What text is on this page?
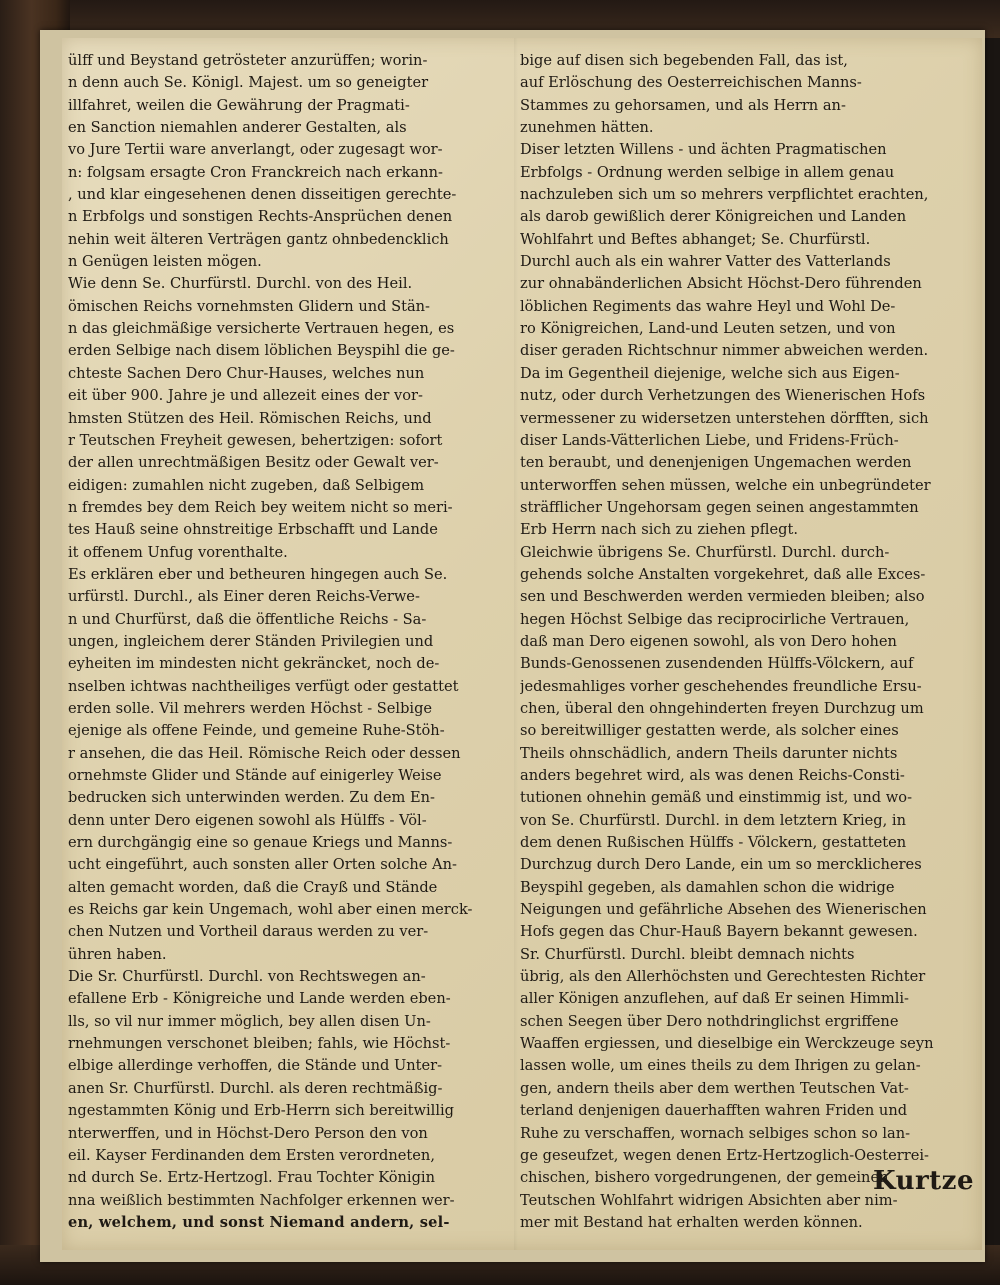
ülff und Beystand getrösteter anzurüffen; worin-
n denn auch Se. Königl. Majest. um so geneigter
illfahret, weilen die Gewährung der Pragmati-
en Sanction niemahlen anderer Gestalten, als
vo Jure Tertii ware anverlangt, oder zugesagt wor-
n: folgsam ersagte Cron Franckreich nach erkann-
, und klar eingesehenen denen disseitigen gerechte-
n Erbfolgs und sonstigen Rechts-Ansprüchen denen
nehin weit älteren Verträgen gantz ohnbedencklich
n Genügen leisten mögen.
Wie denn Se. Churfürstl. Durchl. von des Heil.
ömischen Reichs vornehmsten Glidern und Stän-
n das gleichmäßige versicherte Vertrauen hegen, es
erden Selbige nach disem löblichen Beyspihl die ge-
chteste Sachen Dero Chur-Hauses, welches nun
eit über 900. Jahre je und allezeit eines der vor-
hmsten Stützen des Heil. Römischen Reichs, und
r Teutschen Freyheit gewesen, behertzigen: sofort
der allen unrechtmäßigen Besitz oder Gewalt ver-
eidigen: zumahlen nicht zugeben, daß Selbigem
n fremdes bey dem Reich bey weitem nicht so meri-
tes Hauß seine ohnstreitige Erbschafft und Lande
it offenem Unfug vorenthalte.
Es erklären eber und betheuren hingegen auch Se.
urfürstl. Durchl., als Einer deren Reichs-Verwe-
n und Churfürst, daß die öffentliche Reichs - Sa-
ungen, ingleichem derer Ständen Privilegien und
eyheiten im mindesten nicht gekräncket, noch de-
nselben ichtwas nachtheiliges verfügt oder gestattet
erden solle. Vil mehrers werden Höchst - Selbige
ejenige als offene Feinde, und gemeine Ruhe-Stöh-
r ansehen, die das Heil. Römische Reich oder dessen
ornehmste Glider und Stände auf einigerley Weise
bedrucken sich unterwinden werden. Zu dem En-
denn unter Dero eigenen sowohl als Hülffs - Völ-
ern durchgängig eine so genaue Kriegs und Manns-
ucht eingeführt, auch sonsten aller Orten solche An-
alten gemacht worden, daß die Crayß und Stände
es Reichs gar kein Ungemach, wohl aber einen merck-
chen Nutzen und Vortheil daraus werden zu ver-
ühren haben.
Die Sr. Churfürstl. Durchl. von Rechtswegen an-
efallene Erb - Königreiche und Lande werden eben-
lls, so vil nur immer möglich, bey allen disen Un-
rnehmungen verschonet bleiben; fahls, wie Höchst-
elbige allerdinge verhoffen, die Stände und Unter-
anen Sr. Churfürstl. Durchl. als deren rechtmäßig-
ngestammten König und Erb-Herrn sich bereitwillig
nterwerffen, und in Höchst-Dero Person den von
eil. Kayser Ferdinanden dem Ersten verordneten,
nd durch Se. Ertz-Hertzogl. Frau Tochter Königin
nna weißlich bestimmten Nachfolger erkennen wer-
en, welchem, und sonst Niemand andern, sel-
bige auf disen sich begebenden Fall, das ist,
auf Erlöschung des Oesterreichischen Manns-
Stammes zu gehorsamen, und als Herrn an-
zunehmen hätten.
Diser letzten Willens - und ächten Pragmatischen
Erbfolgs - Ordnung werden selbige in allem genau
nachzuleben sich um so mehrers verpflichtet erachten,
als darob gewißlich derer Königreichen und Landen
Wohlfahrt und Beftes abhanget; Se. Churfürstl.
Durchl auch als ein wahrer Vatter des Vatterlands
zur ohnabänderlichen Absicht Höchst-Dero führenden
löblichen Regiments das wahre Heyl und Wohl De-
ro Königreichen, Land-und Leuten setzen, und von
diser geraden Richtschnur nimmer abweichen werden.
Da im Gegentheil diejenige, welche sich aus Eigen-
nutz, oder durch Verhetzungen des Wienerischen Hofs
vermessener zu widersetzen unterstehen dörfften, sich
diser Lands-Vätterlichen Liebe, und Fridens-Früch-
ten beraubt, und denenjenigen Ungemachen werden
unterworffen sehen müssen, welche ein unbegründeter
sträfflicher Ungehorsam gegen seinen angestammten
Erb Herrn nach sich zu ziehen pflegt.
Gleichwie übrigens Se. Churfürstl. Durchl. durch-
gehends solche Anstalten vorgekehret, daß alle Exces-
sen und Beschwerden werden vermieden bleiben; also
hegen Höchst Selbige das reciprocirliche Vertrauen,
daß man Dero eigenen sowohl, als von Dero hohen
Bunds-Genossenen zusendenden Hülffs-Völckern, auf
jedesmahliges vorher geschehendes freundliche Ersu-
chen, überal den ohngehinderten freyen Durchzug um
so bereitwilliger gestatten werde, als solcher eines
Theils ohnschädlich, andern Theils darunter nichts
anders begehret wird, als was denen Reichs-Consti-
tutionen ohnehin gemäß und einstimmig ist, und wo-
von Se. Churfürstl. Durchl. in dem letztern Krieg, in
dem denen Rußischen Hülffs - Völckern, gestatteten
Durchzug durch Dero Lande, ein um so mercklicheres
Beyspihl gegeben, als damahlen schon die widrige
Neigungen und gefährliche Absehen des Wienerischen
Hofs gegen das Chur-Hauß Bayern bekannt gewesen.
Sr. Churfürstl. Durchl. bleibt demnach nichts
übrig, als den Allerhöchsten und Gerechtesten Richter
aller Königen anzuflehen, auf daß Er seinen Himmli-
schen Seegen über Dero nothdringlichst ergriffene
Waaffen ergiessen, und dieselbige ein Werckzeuge seyn
lassen wolle, um eines theils zu dem Ihrigen zu gelan-
gen, andern theils aber dem werthen Teutschen Vat-
terland denjenigen dauerhafften wahren Friden und
Ruhe zu verschaffen, wornach selbiges schon so lan-
ge geseufzet, wegen denen Ertz-Hertzoglich-Oesterrei-
chischen, bishero vorgedrungenen, der gemeinen
Teutschen Wohlfahrt widrigen Absichten aber nim-
mer mit Bestand hat erhalten werden können.
Kurtze
